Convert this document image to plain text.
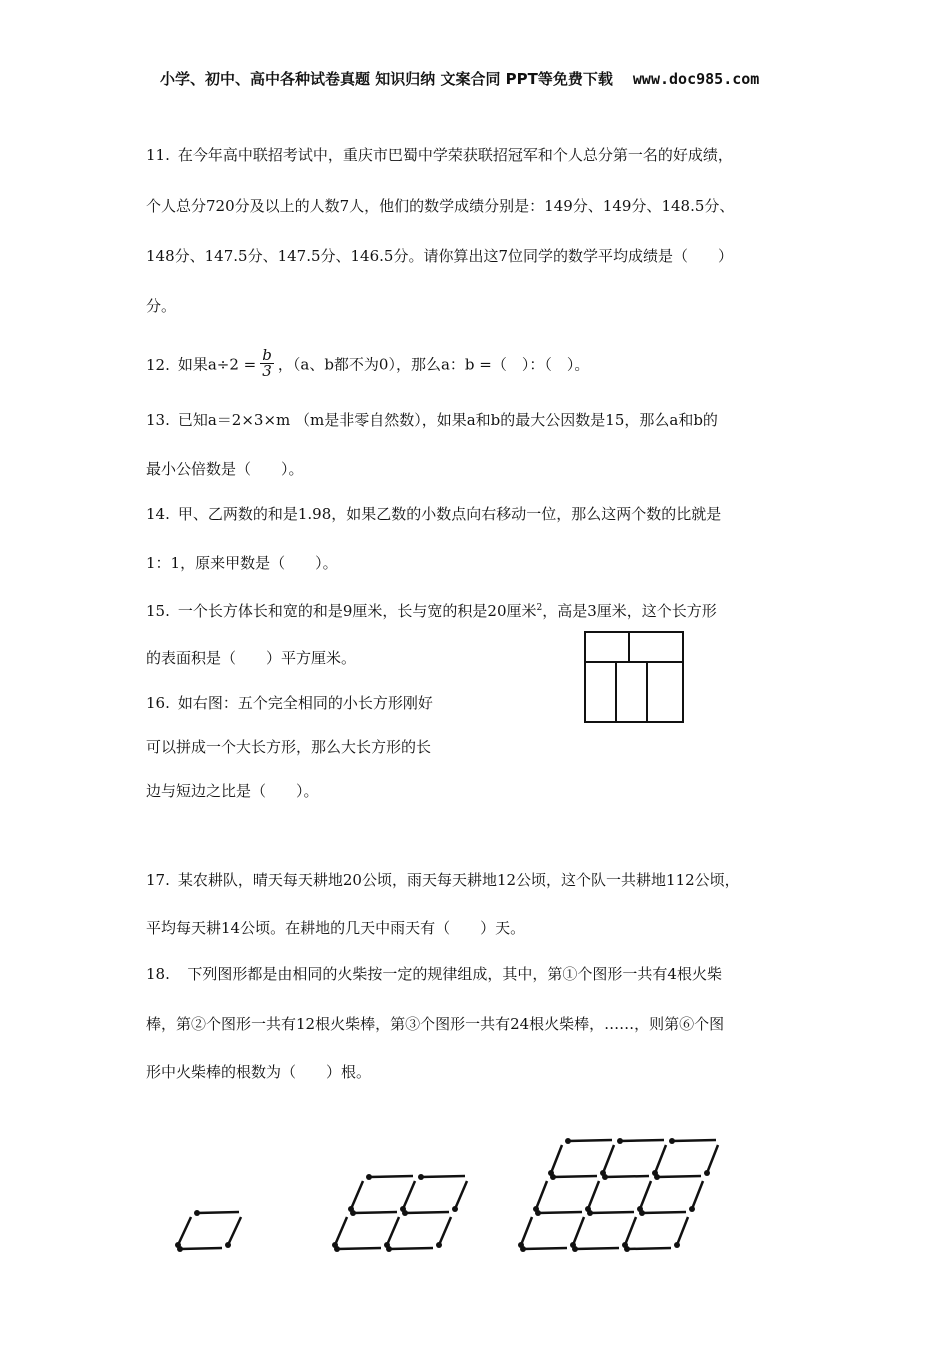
小学、初中、高中各种试卷真题 知识归纳 文案合同 PPT等免费下载 www.doc985.com
11. 在今年高中联招考试中，重庆市巴蜀中学荣获联招冠军和个人总分第一名的好成绩，
个人总分720分及以上的人数7人，他们的数学成绩分别是：149分、149分、148.5分、
148分、147.5分、147.5分、146.5分。请你算出这7位同学的数学平均成绩是（　　）
分。
12. 如果$a\div 2 = \frac{b}{3}$ ，（a、b都不为0），那么a：b =（　）：（　）。
13. 已知a＝2×3×m （m是非零自然数），如果a和b的最大公因数是15，那么a和b的
最小公倍数是（　　）。
14. 甲、乙两数的和是1.98，如果乙数的小数点向右移动一位，那么这两个数的比就是
1：1，原来甲数是（　　）。
15. 一个长方体长和宽的和是9厘米，长与宽的积是20厘米$^2$，高是3厘米，这个长方形
的表面积是（　　）平方厘米。
16. 如右图：五个完全相同的小长方形刚好
可以拼成一个大长方形，那么大长方形的长
边与短边之比是（　　）。
17. 某农耕队，晴天每天耕地20公顷，雨天每天耕地12公顷，这个队一共耕地112公顷，
平均每天耕14公顷。在耕地的几天中雨天有（　　）天。
18. 下列图形都是由相同的火柴按一定的规律组成，其中，第①个图形一共有4根火柴
棒，第②个图形一共有12根火柴棒，第③个图形一共有24根火柴棒，……，则第⑥个图
形中火柴棒的根数为（　　）根。
